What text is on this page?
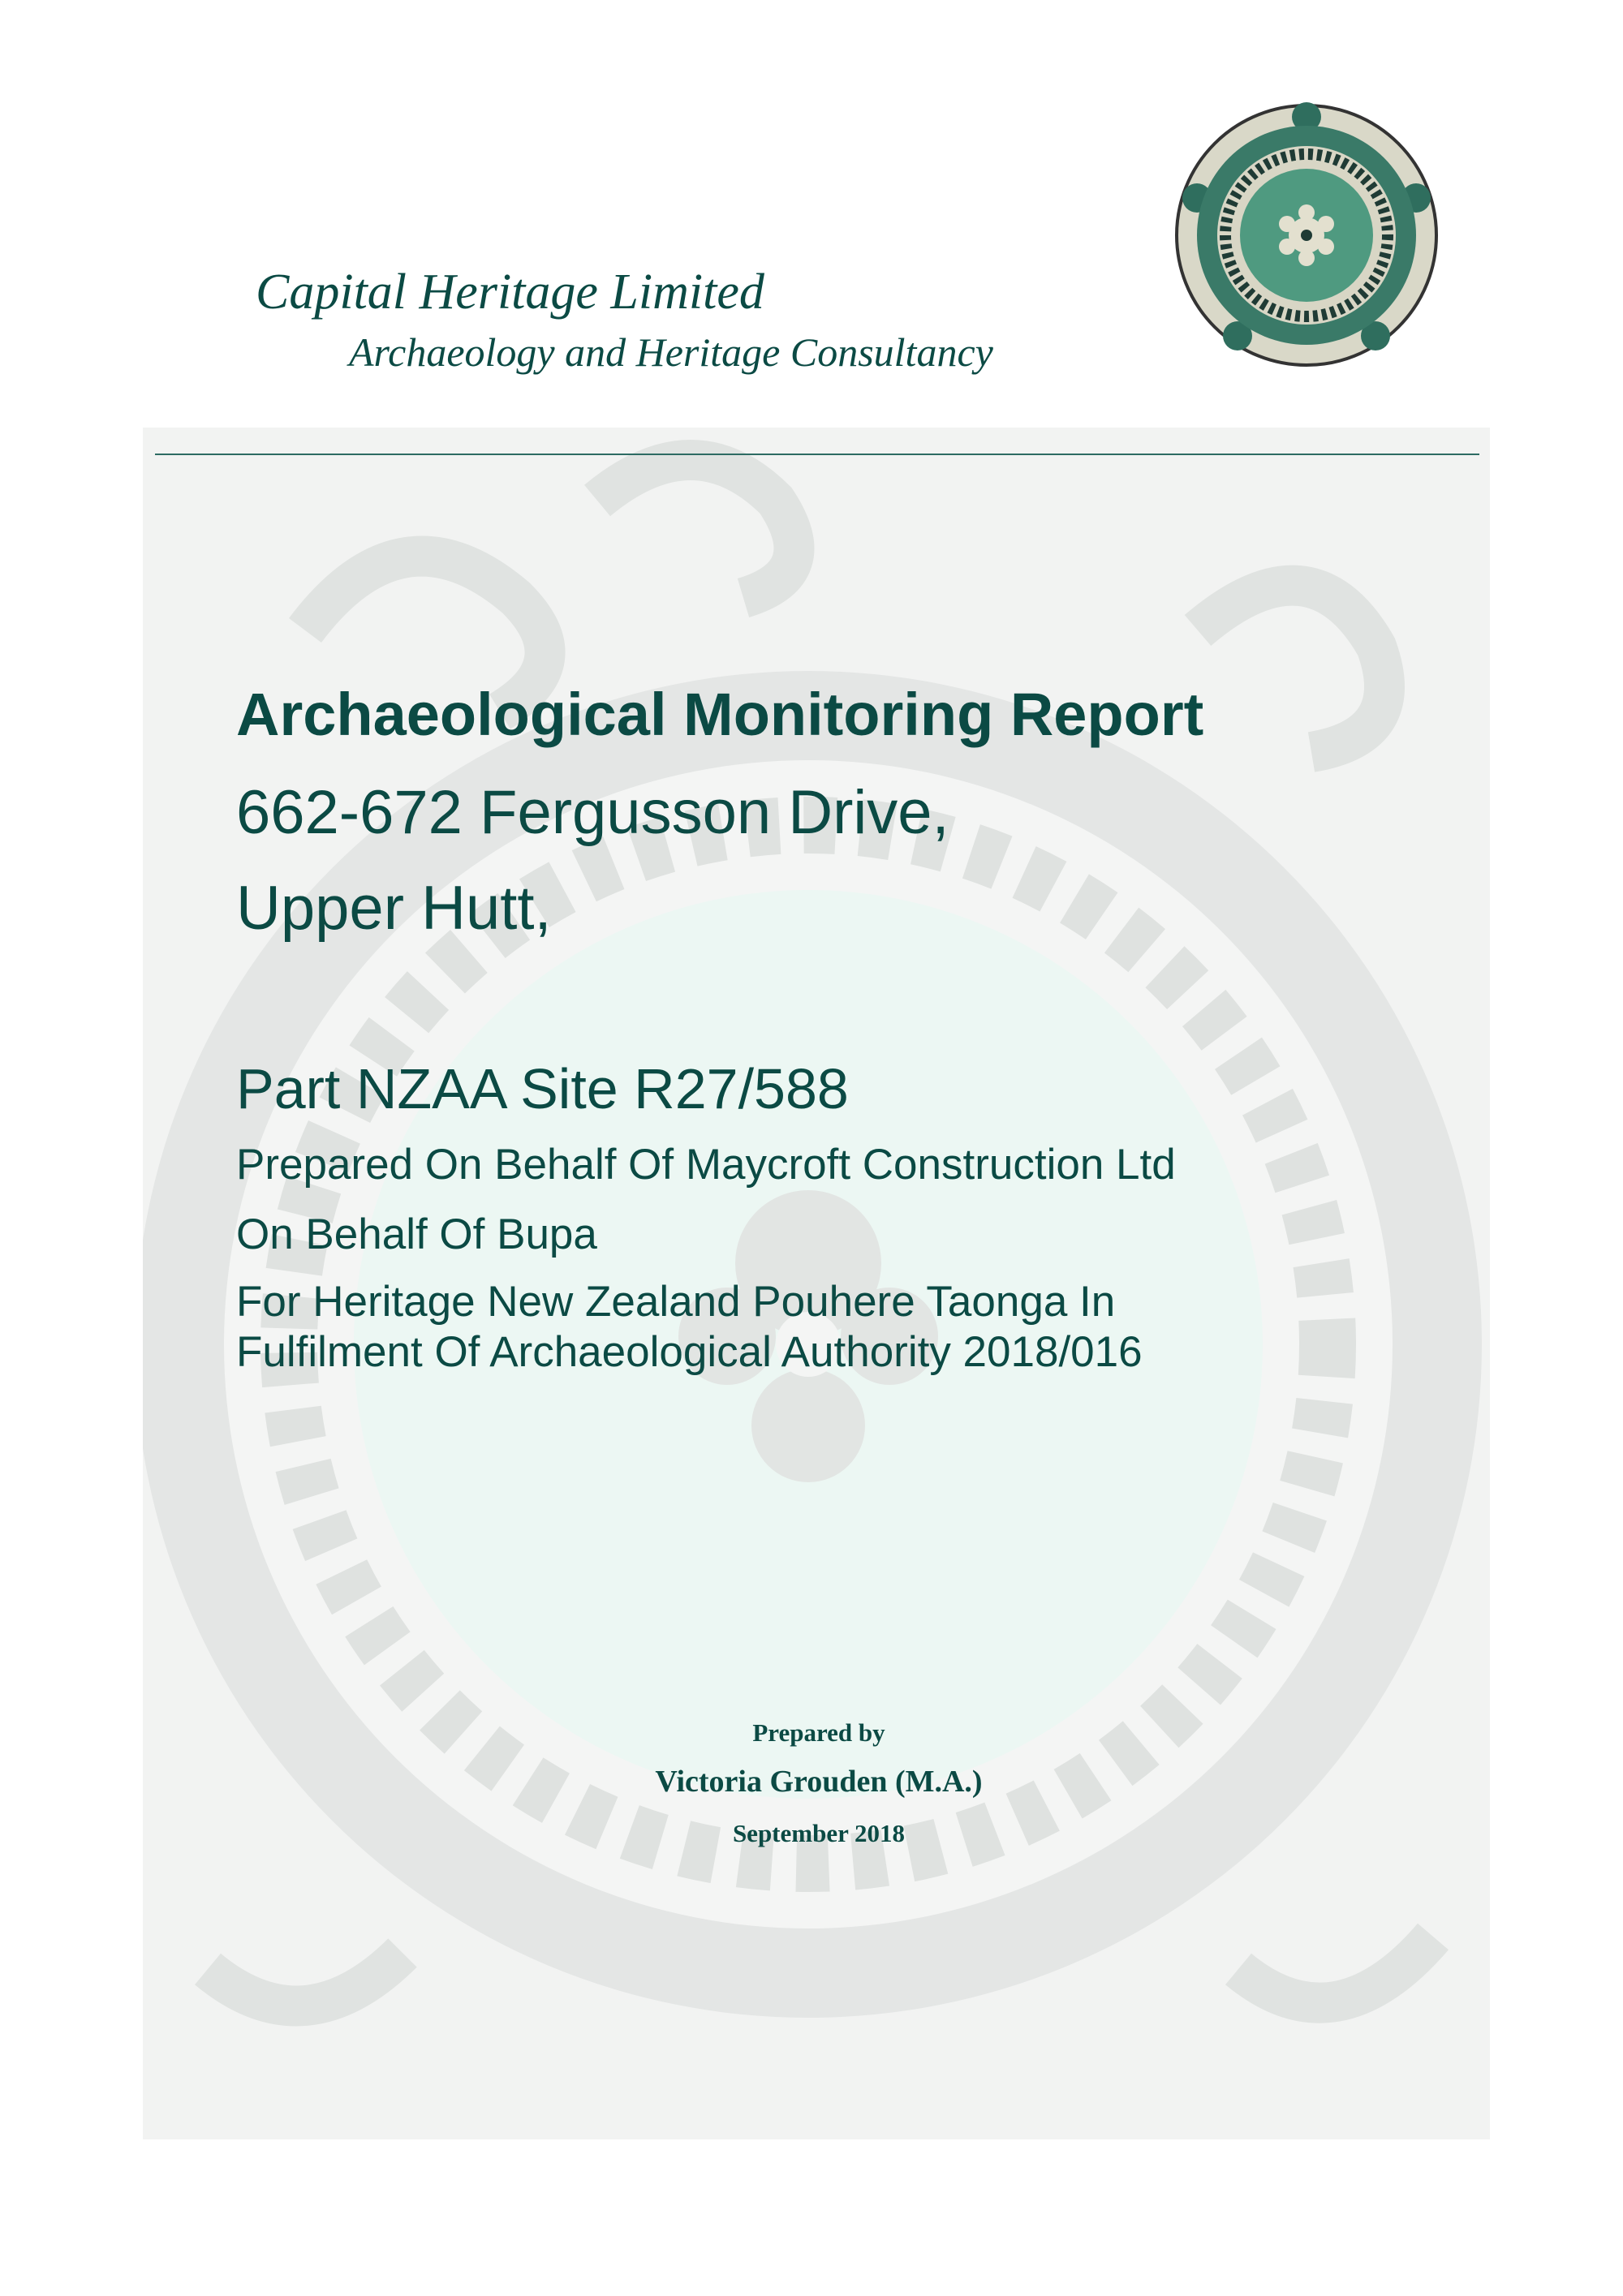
Capital Heritage Limited
Archaeology and Heritage Consultancy
Archaeological Monitoring Report
662-672 Fergusson Drive,
Upper Hutt,
Part NZAA Site R27/588
Prepared On Behalf Of Maycroft Construction Ltd
On Behalf Of Bupa
For Heritage New Zealand Pouhere Taonga In
Fulfilment Of Archaeological Authority 2018/016
Prepared by
Victoria Grouden (M.A.)
September 2018
